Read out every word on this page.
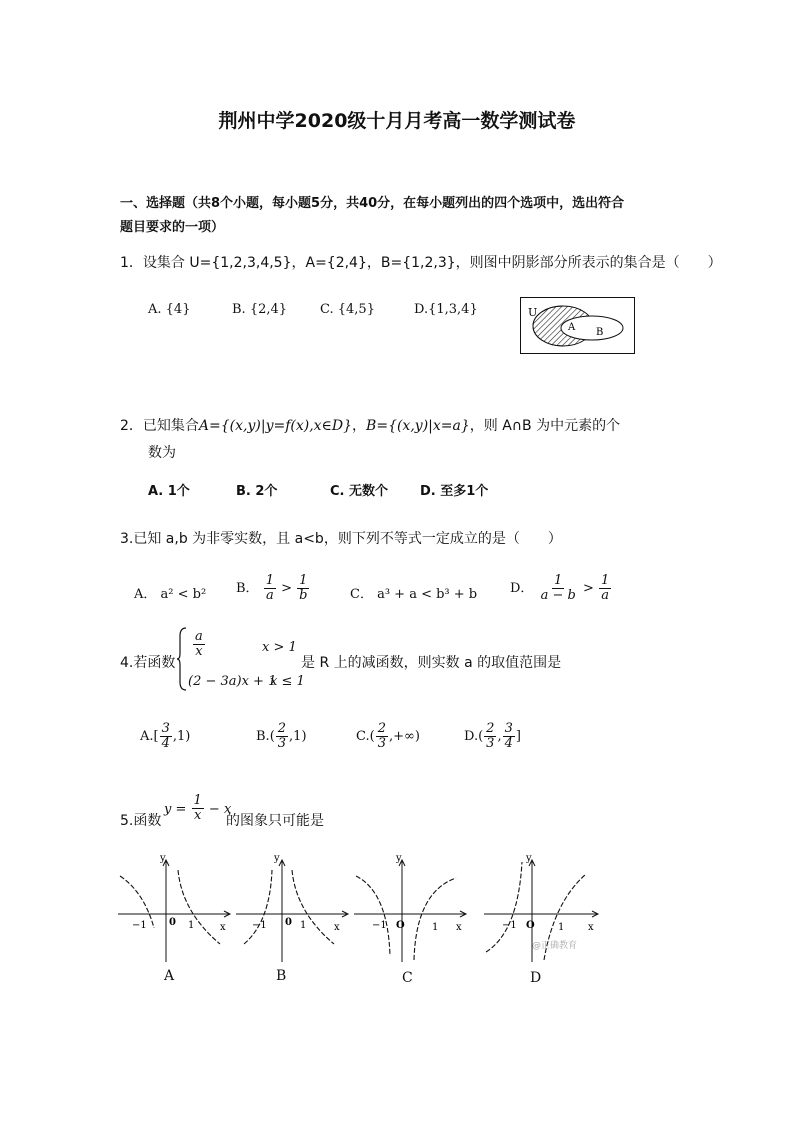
荆州中学2020级十月月考高一数学测试卷
一、选择题（共8个小题，每小题5分，共40分，在每小题列出的四个选项中，选出符合
题目要求的一项）
1．设集合 U={1,2,3,4,5}，A={2,4}，B={1,2,3}，则图中阴影部分所表示的集合是（　　）
A. {4}	B. {2,4}	C. {4,5}	D.{1,3,4}	U
A B
2．已知集合A={(x,y)|y=f(x),x∈D}，B={(x,y)|x=a}，则 A∩B 为中元素的个
数为
A. 1个	B. 2个	C. 无数个 D. 至多1个
3.已知 a,b 为非零实数，且 a<b，则下列不等式一定成立的是（　　）
A． a² < b² B． $\frac{1}{a} > \frac{1}{b}$	C． a³ + a < b³ + b	D． $\frac{1}{a - b} > \frac{1}{a}$
4.若函数
$\frac{a}{x}$	x > 1
(2 − 3a)x + 1
x ≤ 1
是 R 上的减函数，则实数 a 的取值范围是
$A.[ \frac{3}{4} ,1)$	$B.( \frac{2}{3} ,1)$	$C.( \frac{2}{3}$ ,+∞)	$D.( \frac{2}{3}$ , $\frac{3}{4}$ ]
5.函数
$y = \frac{1}{x} - x$
的图象只可能是
y
x
0
−1	1
A
y
x
0
−1	1
B
y
x
O
−1	1
C
y
x
O
−1	1
@正确教育
D
